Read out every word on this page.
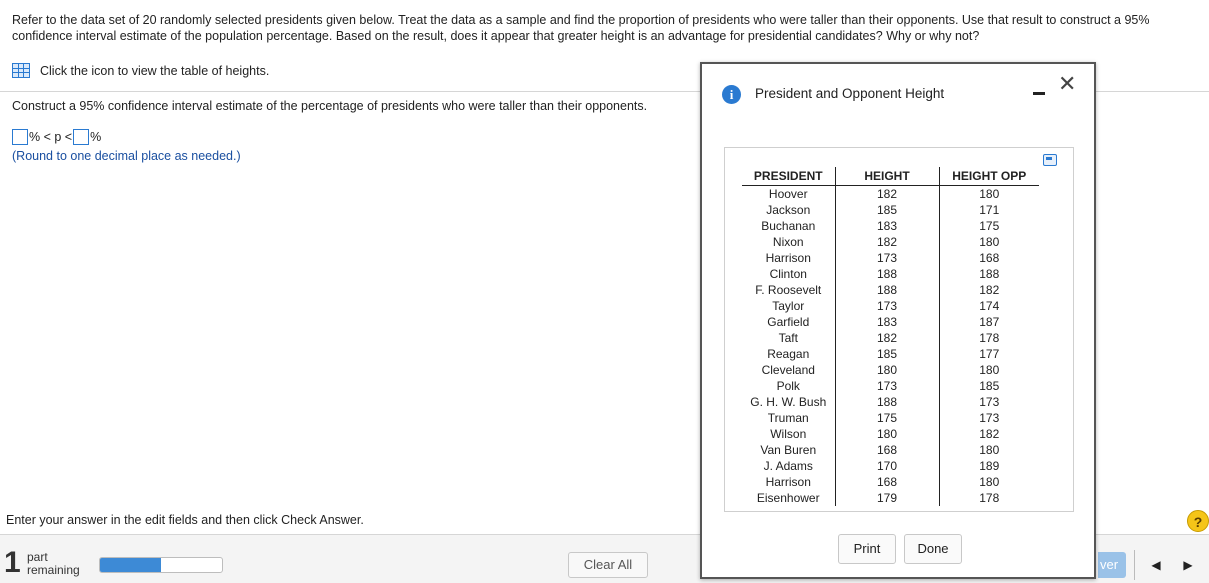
Refer to the data set of 20 randomly selected presidents given below. Treat the data as a sample and find the proportion of presidents who were taller than their opponents. Use that result to construct a 95% confidence interval estimate of the population percentage. Based on the result, does it appear that greater height is an advantage for presidential candidates? Why or why not?
Click the icon to view the table of heights.
Construct a 95% confidence interval estimate of the percentage of presidents who were taller than their opponents.
% < p < %
(Round to one decimal place as needed.)
Enter your answer in the edit fields and then click Check Answer.	?
1 part
remaining	Clear All	ver	◀	▶
i	President and Opponent Height	✕
PRESIDENT	HEIGHT	HEIGHT OPP
Hoover	182	180
Jackson	185	171
Buchanan	183	175
Nixon	182	180
Harrison	173	168
Clinton	188	188
F. Roosevelt	188	182
Taylor	173	174
Garfield	183	187
Taft	182	178
Reagan	185	177
Cleveland	180	180
Polk	173	185
G. H. W. Bush	188	173
Truman	175	173
Wilson	180	182
Van Buren	168	180
J. Adams	170	189
Harrison	168	180
Eisenhower	179	178
Print	Done
